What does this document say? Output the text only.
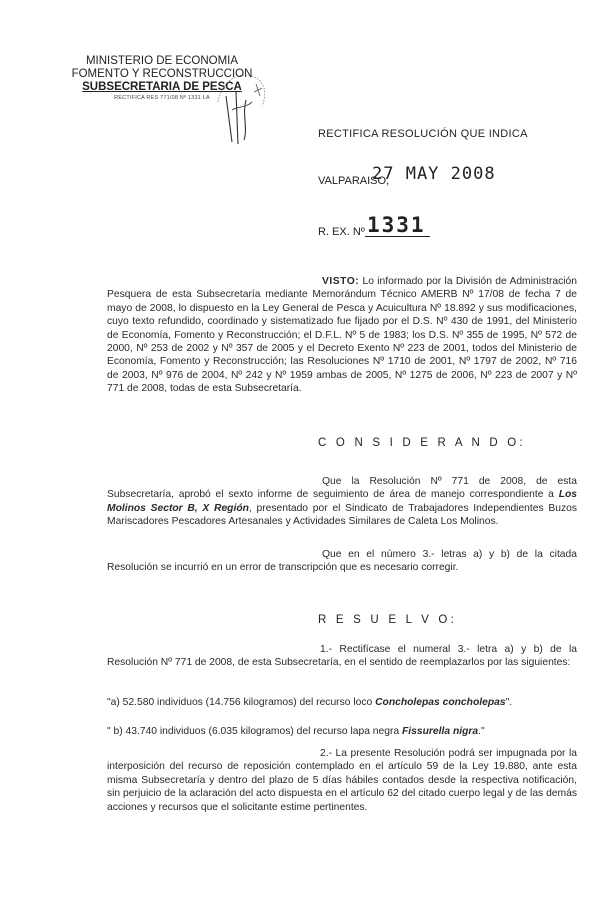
MINISTERIO DE ECONOMIA
FOMENTO Y RECONSTRUCCION
SUBSECRETARIA DE PESCA
RECTIFICA RES 771/08 Nº 1331 LA
RECTIFICA RESOLUCIÓN QUE INDICA
VALPARAISO,
27 MAY 2008
R. EX. Nº 1331

VISTO: Lo informado por la División de Administración Pesquera de esta Subsecretaría mediante Memorándum Técnico AMERB Nº 17/08 de fecha 7 de mayo de 2008, lo dispuesto en la Ley General de Pesca y Acuicultura Nº 18.892 y sus modificaciones, cuyo texto refundido, coordinado y sistematizado fue fijado por el D.S. Nº 430 de 1991, del Ministerio de Economía, Fomento y Reconstrucción; el D.F.L. Nº 5 de 1983; los D.S. Nº 355 de 1995, Nº 572 de 2000, Nº 253 de 2002 y Nº 357 de 2005 y el Decreto Exento Nº 223 de 2001, todos del Ministerio de Economía, Fomento y Reconstrucción; las Resoluciones Nº 1710 de 2001, Nº 1797 de 2002, Nº 716 de 2003, Nº 976 de 2004, Nº 242 y Nº 1959 ambas de 2005, Nº 1275 de 2006, Nº 223 de 2007 y Nº 771 de 2008, todas de esta Subsecretaría.

C O N S I D E R A N D O:

Que la Resolución Nº 771 de 2008, de esta Subsecretaría, aprobó el sexto informe de seguimiento de área de manejo correspondiente a Los Molinos Sector B, X Región, presentado por el Sindicato de Trabajadores Independientes Buzos Mariscadores Pescadores Artesanales y Actividades Similares de Caleta Los Molinos.

Que en el número 3.- letras a) y b) de la citada Resolución se incurrió en un error de transcripción que es necesario corregir.

R E S U E L V O:

1.- Rectifícase el numeral 3.- letra a) y b) de la Resolución Nº 771 de 2008, de esta Subsecretaría, en el sentido de reemplazarlos por las siguientes:

"a) 52.580 individuos (14.756 kilogramos) del recurso loco Concholepas concholepas".

" b) 43.740 individuos (6.035 kilogramos) del recurso lapa negra Fissurella nigra."

2.- La presente Resolución podrá ser impugnada por la interposición del recurso de reposición contemplado en el artículo 59 de la Ley 19.880, ante esta misma Subsecretaría y dentro del plazo de 5 días hábiles contados desde la respectiva notificación, sin perjuicio de la aclaración del acto dispuesta en el artículo 62 del citado cuerpo legal y de las demás acciones y recursos que el solicitante estime pertinentes.
